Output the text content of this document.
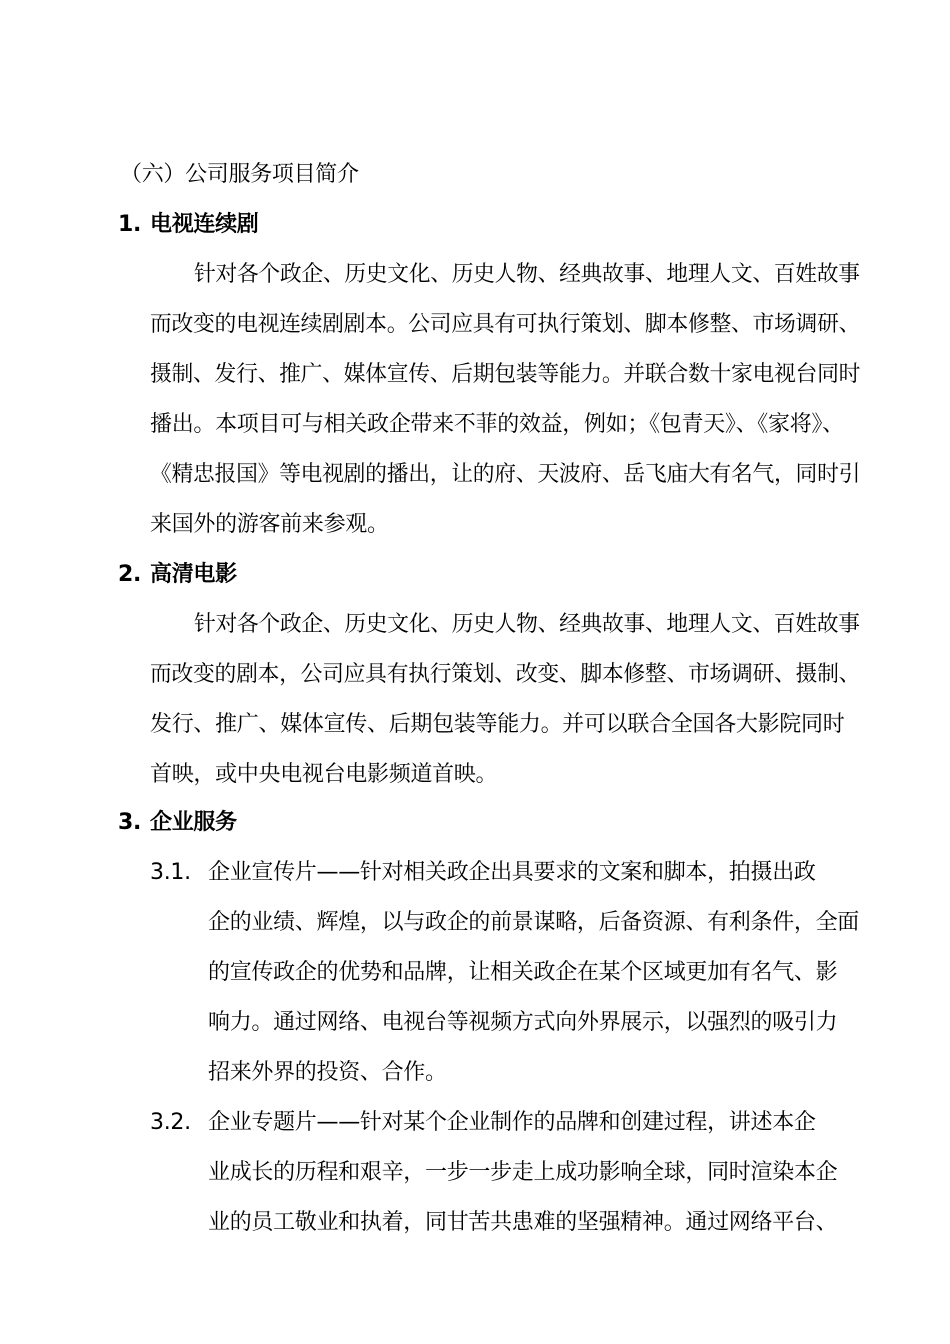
（六）公司服务项目简介

1. 电视连续剧

针对各个政企、历史文化、历史人物、经典故事、地理人文、百姓故事

而改变的电视连续剧剧本。公司应具有可执行策划、脚本修整、市场调研、

摄制、发行、推广、媒体宣传、后期包装等能力。并联合数十家电视台同时

播出。本项目可与相关政企带来不菲的效益，例如；《包青天》、《家将》、

《精忠报国》等电视剧的播出，让的府、天波府、岳飞庙大有名气，同时引

来国外的游客前来参观。

2. 高清电影

针对各个政企、历史文化、历史人物、经典故事、地理人文、百姓故事

而改变的剧本，公司应具有执行策划、改变、脚本修整、市场调研、摄制、

发行、推广、媒体宣传、后期包装等能力。并可以联合全国各大影院同时

首映，或中央电视台电影频道首映。

3. 企业服务
3.1. 企业宣传片——针对相关政企出具要求的文案和脚本，拍摄出政

企的业绩、辉煌，以与政企的前景谋略，后备资源、有利条件，全面

的宣传政企的优势和品牌，让相关政企在某个区域更加有名气、影

响力。通过网络、电视台等视频方式向外界展示，以强烈的吸引力

招来外界的投资、合作。

3.2. 企业专题片——针对某个企业制作的品牌和创建过程，讲述本企

业成长的历程和艰辛，一步一步走上成功影响全球，同时渲染本企

业的员工敬业和执着，同甘苦共患难的坚强精神。通过网络平台、
